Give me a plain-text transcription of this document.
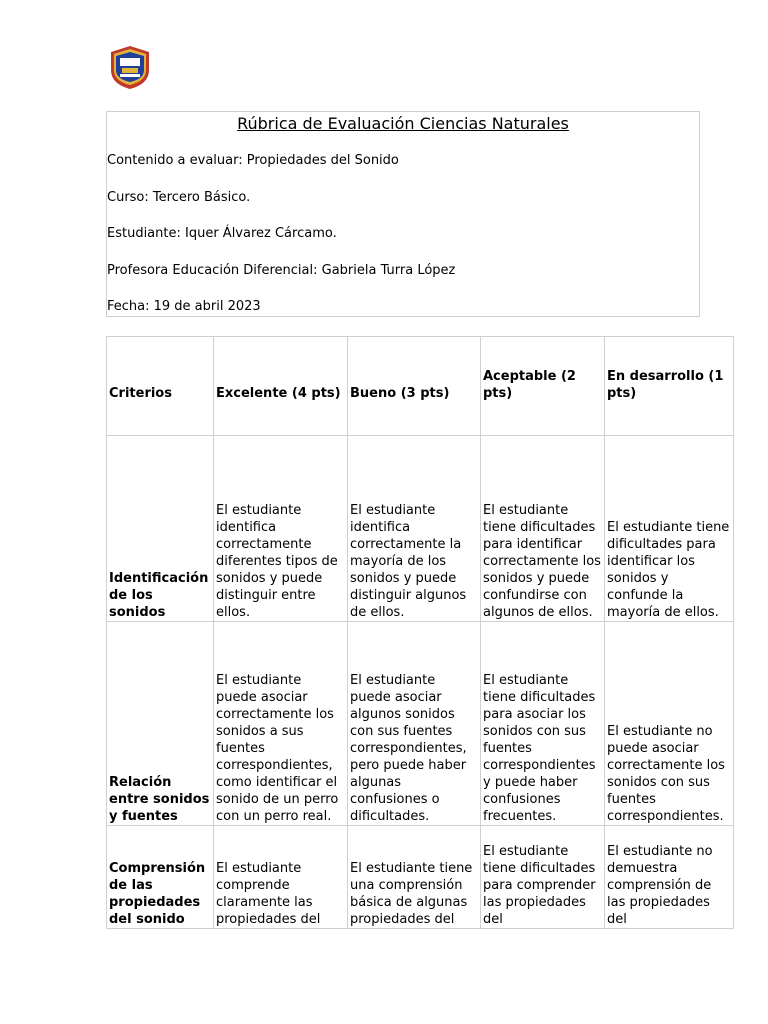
Rúbrica de Evaluación Ciencias Naturales
Contenido a evaluar: Propiedades del Sonido
Curso: Tercero Básico.
Estudiante: Iquer Álvarez Cárcamo.
Profesora Educación Diferencial: Gabriela Turra López
Fecha: 19 de abril 2023
Criterios	Excelente (4 pts)	Bueno (3 pts)	Aceptable (2 pts)	En desarrollo (1 pts)
Identificación de los sonidos	El estudiante identifica correctamente diferentes tipos de sonidos y puede distinguir entre ellos.	El estudiante identifica correctamente la mayoría de los sonidos y puede distinguir algunos de ellos.	El estudiante tiene dificultades para identificar correctamente los sonidos y puede confundirse con algunos de ellos.	El estudiante tiene dificultades para identificar los sonidos y confunde la mayoría de ellos.
Relación entre sonidos y fuentes	El estudiante puede asociar correctamente los sonidos a sus fuentes correspondientes, como identificar el sonido de un perro con un perro real.	El estudiante puede asociar algunos sonidos con sus fuentes correspondientes, pero puede haber algunas confusiones o dificultades.	El estudiante tiene dificultades para asociar los sonidos con sus fuentes correspondientes y puede haber confusiones frecuentes.	El estudiante no puede asociar correctamente los sonidos con sus fuentes correspondientes.
Comprensión de las propiedades del sonido	El estudiante comprende claramente las propiedades del	El estudiante tiene una comprensión básica de algunas propiedades del	El estudiante tiene dificultades para comprender las propiedades del	El estudiante no demuestra comprensión de las propiedades del
